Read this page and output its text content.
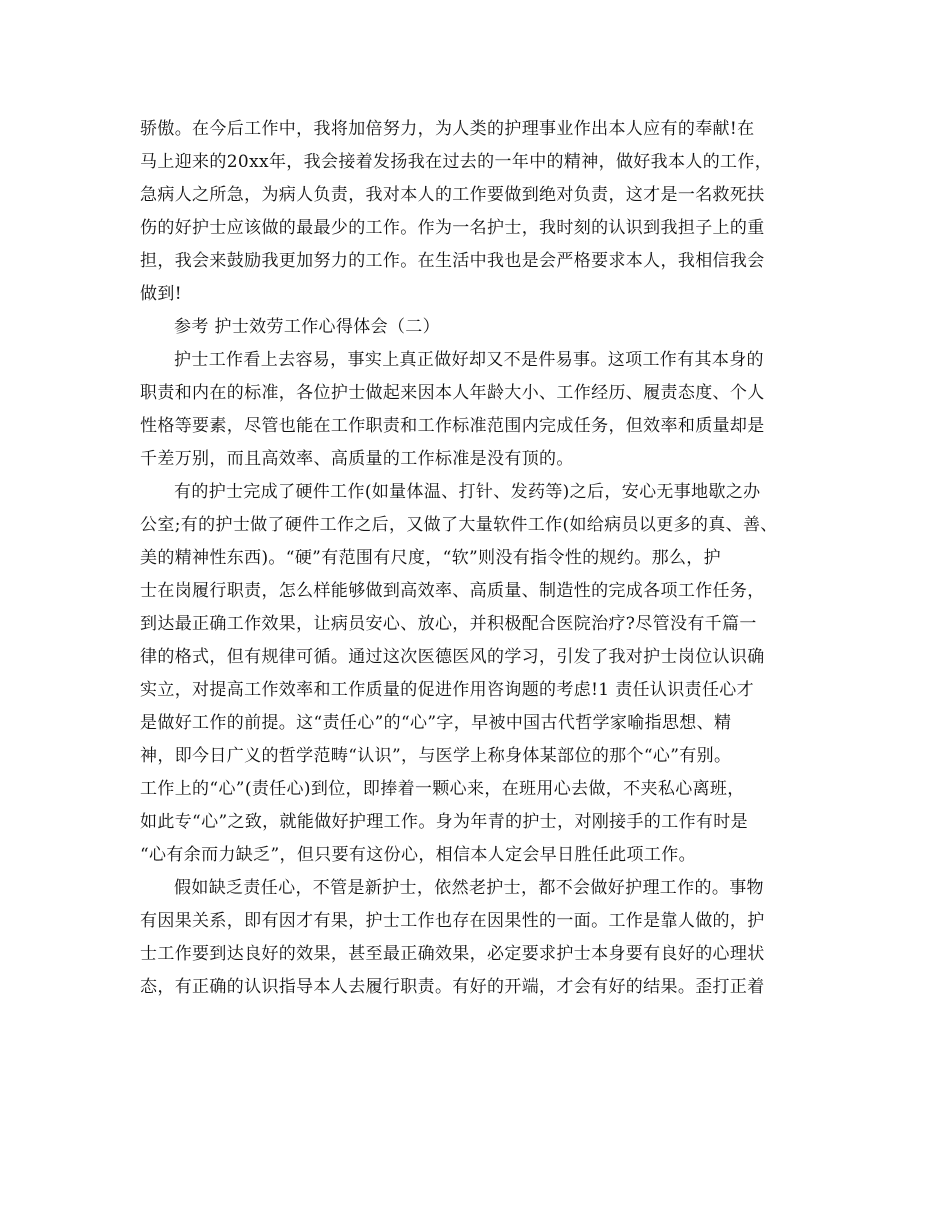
骄傲。在今后工作中，我将加倍努力，为人类的护理事业作出本人应有的奉献!在
马上迎来的20xx年，我会接着发扬我在过去的一年中的精神，做好我本人的工作，
急病人之所急，为病人负责，我对本人的工作要做到绝对负责，这才是一名救死扶
伤的好护士应该做的最最少的工作。作为一名护士，我时刻的认识到我担子上的重
担，我会来鼓励我更加努力的工作。在生活中我也是会严格要求本人，我相信我会
做到!
参考 护士效劳工作心得体会（二）
护士工作看上去容易，事实上真正做好却又不是件易事。这项工作有其本身的
职责和内在的标准，各位护士做起来因本人年龄大小、工作经历、履责态度、个人
性格等要素，尽管也能在工作职责和工作标准范围内完成任务，但效率和质量却是
千差万别，而且高效率、高质量的工作标准是没有顶的。
有的护士完成了硬件工作(如量体温、打针、发药等)之后，安心无事地歇之办
公室;有的护士做了硬件工作之后，又做了大量软件工作(如给病员以更多的真、善、
美的精神性东西)。“硬”有范围有尺度，“软”则没有指令性的规约。那么，护
士在岗履行职责，怎么样能够做到高效率、高质量、制造性的完成各项工作任务，
到达最正确工作效果，让病员安心、放心，并积极配合医院治疗?尽管没有千篇一
律的格式，但有规律可循。通过这次医德医风的学习，引发了我对护士岗位认识确
实立，对提高工作效率和工作质量的促进作用咨询题的考虑!1 责任认识责任心才
是做好工作的前提。这“责任心”的“心”字，早被中国古代哲学家喻指思想、精
神，即今日广义的哲学范畴“认识”，与医学上称身体某部位的那个“心”有别。
工作上的“心”(责任心)到位，即捧着一颗心来，在班用心去做，不夹私心离班，
如此专“心”之致，就能做好护理工作。身为年青的护士，对刚接手的工作有时是
“心有余而力缺乏”，但只要有这份心，相信本人定会早日胜任此项工作。
假如缺乏责任心，不管是新护士，依然老护士，都不会做好护理工作的。事物
有因果关系，即有因才有果，护士工作也存在因果性的一面。工作是靠人做的，护
士工作要到达良好的效果，甚至最正确效果，必定要求护士本身要有良好的心理状
态，有正确的认识指导本人去履行职责。有好的开端，才会有好的结果。歪打正着
